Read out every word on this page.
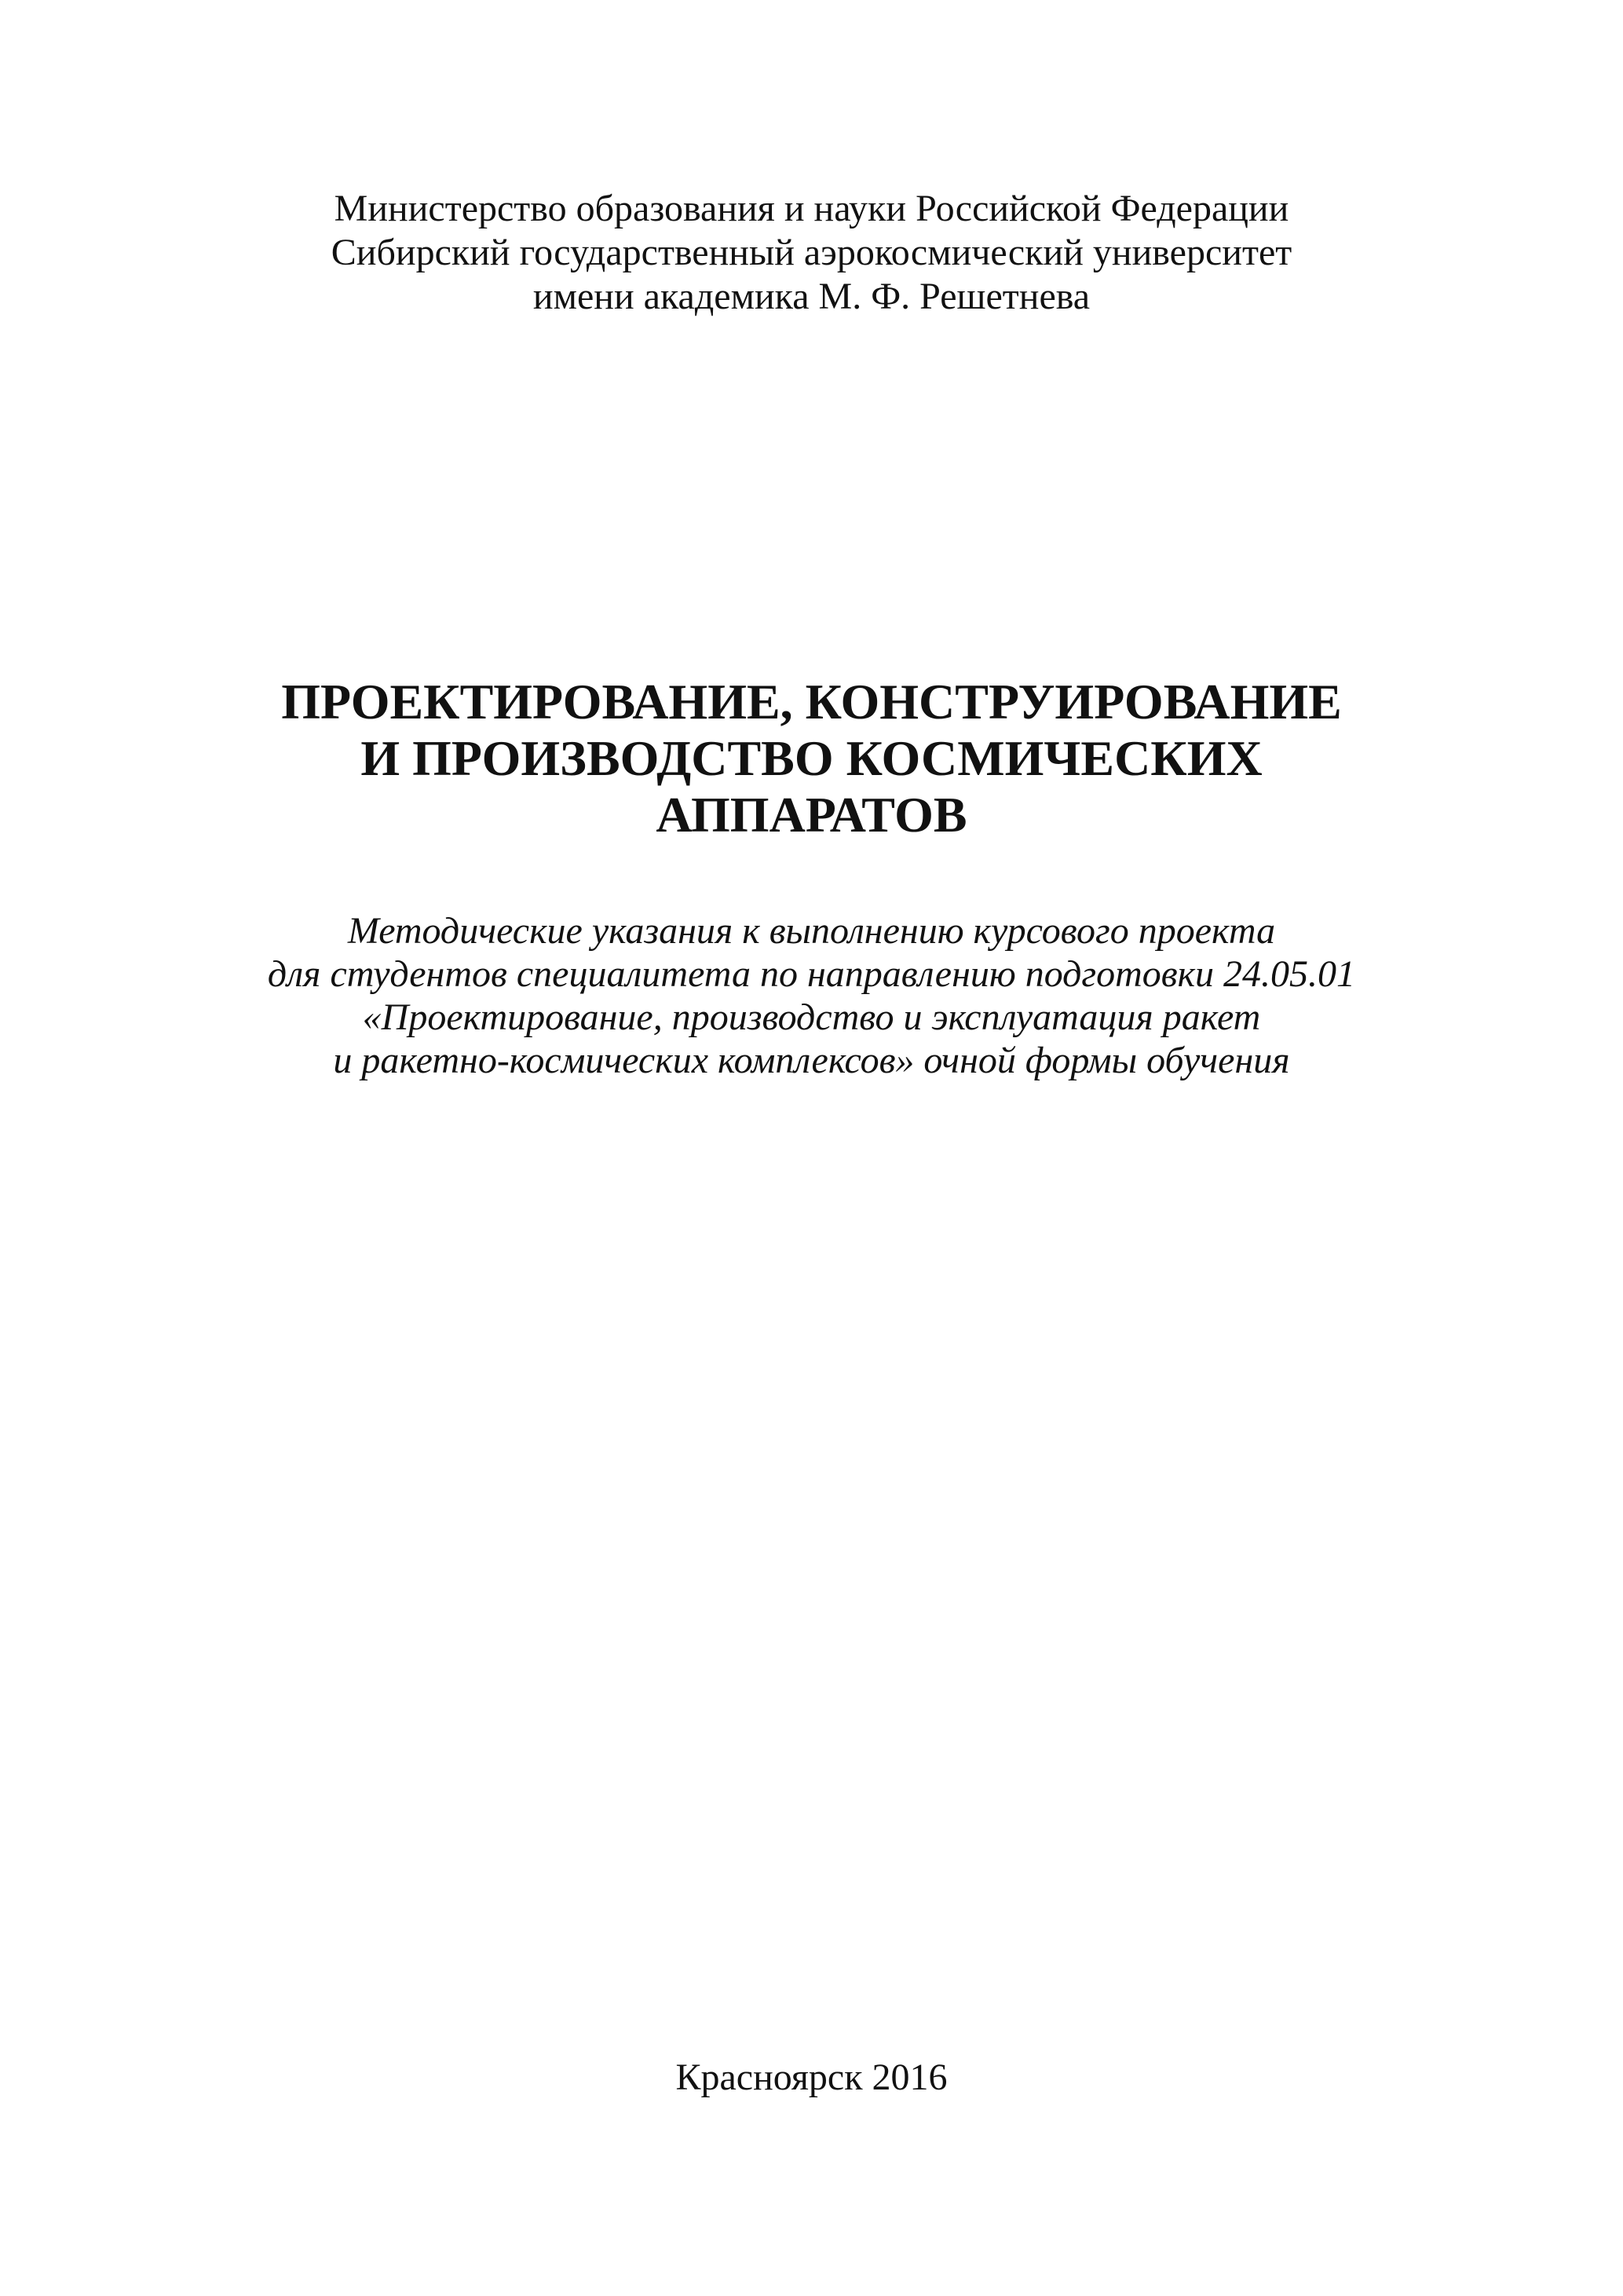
Министерство образования и науки Российской Федерации
Сибирский государственный аэрокосмический университет
имени академика М. Ф. Решетнева
ПРОЕКТИРОВАНИЕ, КОНСТРУИРОВАНИЕ
И ПРОИЗВОДСТВО КОСМИЧЕСКИХ
АППАРАТОВ
Методические указания к выполнению курсового проекта
для студентов специалитета по направлению подготовки 24.05.01
«Проектирование, производство и эксплуатация ракет
и ракетно-космических комплексов» очной формы обучения
Красноярск 2016
